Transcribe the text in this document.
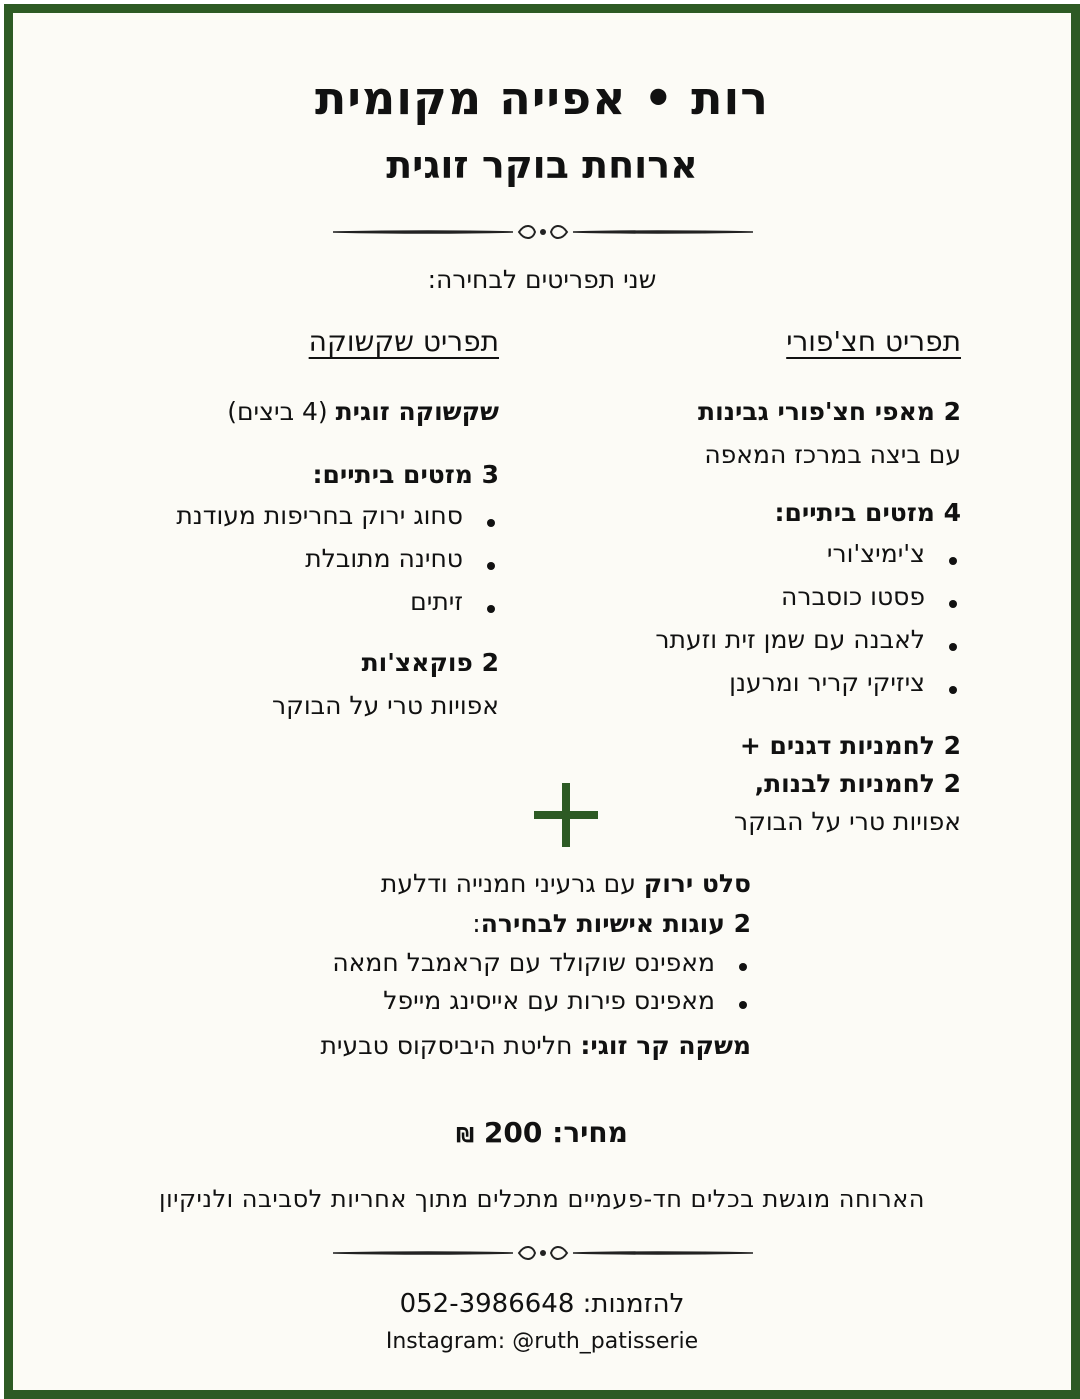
רות • אפייה מקומית
ארוחת בוקר זוגית
שני תפריטים לבחירה:
תפריט חצ'פורי
2 מאפי חצ'פורי גבינות
עם ביצה במרכז המאפה
4 מזטים ביתיים:
צ'ימיצ'ורי
פסטו כוסברה
לאבנה עם שמן זית וזעתר
ציזיקי קריר ומרענן
2 לחמניות דגנים +
2 לחמניות לבנות,
אפויות טרי על הבוקר
תפריט שקשוקה
שקשוקה זוגית (4 ביצים)
3 מזטים ביתיים:
סחוג ירוק בחריפות מעודנת
טחינה מתובלת
זיתים
2 פוקאצ'ות
אפויות טרי על הבוקר
סלט ירוק עם גרעיני חמנייה ודלעת
2 עוגות אישיות לבחירה:
מאפינס שוקולד עם קראמבל חמאה
מאפינס פירות עם אייסינג מייפל
משקה קר זוגי: חליטת היביסקוס טבעית
מחיר: 200 ₪
הארוחה מוגשת בכלים חד-פעמיים מתכלים מתוך אחריות לסביבה ולניקיון
להזמנות: 052-3986648
Instagram: @ruth_patisserie
